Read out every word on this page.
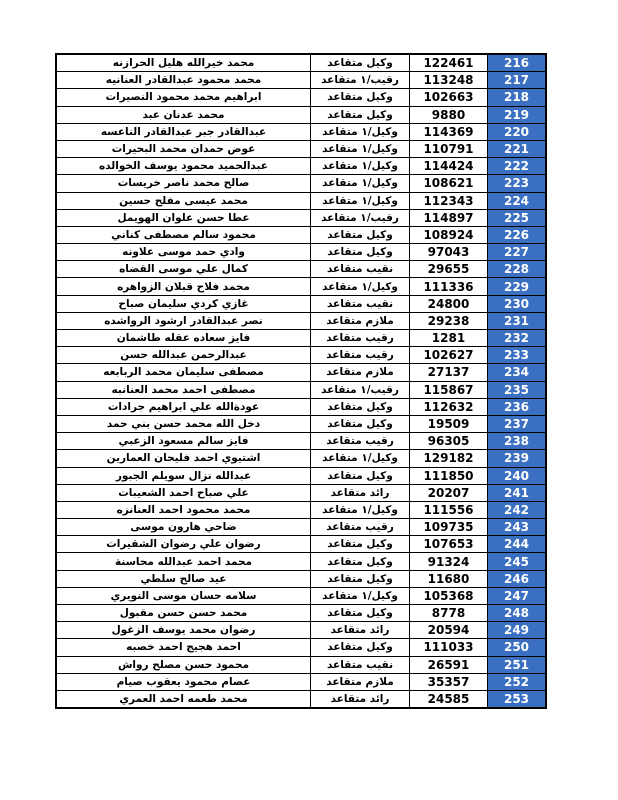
محمد خيرالله هليل الحرازنه	وكيل متقاعد	122461	216
محمد محمود عبدالقادر العنانيه	رقيب/١ متقاعد	113248	217
ابراهيم محمد محمود النصيرات	وكيل متقاعد	102663	218
محمد عدنان عبد	وكيل متقاعد	9880	219
عبدالقادر جبر عبدالقادر الناعسه	وكيل/١ متقاعد	114369	220
عوض حمدان محمد البحيرات	وكيل/١ متقاعد	110791	221
عبدالحميد محمود يوسف الخوالده	وكيل/١ متقاعد	114424	222
صالح محمد ناصر خريسات	وكيل/١ متقاعد	108621	223
محمد عيسى مفلح حسين	وكيل/١ متقاعد	112343	224
عطا حسن علوان الهويمل	رقيب/١ متقاعد	114897	225
محمود سالم مصطفى كناني	وكيل متقاعد	108924	226
وادي حمد موسى علاونه	وكيل متقاعد	97043	227
كمال علي موسى القضاه	نقيب متقاعد	29655	228
محمد فلاح قبلان الزواهره	وكيل/١ متقاعد	111336	229
غازي كردي سليمان صباح	نقيب متقاعد	24800	230
نصر عبدالقادر ارشود الرواشده	ملازم متقاعد	29238	231
فايز سعاده عقله طاشمان	رقيب متقاعد	1281	232
عبدالرحمن عبدالله حسن	رقيب متقاعد	102627	233
مصطفى سليمان محمد الربابعه	ملازم متقاعد	27137	234
مصطفى احمد محمد العنانبه	رقيب/١ متقاعد	115867	235
عودةالله علي ابراهيم جرادات	وكيل متقاعد	112632	236
دخل الله محمد حسن بني حمد	وكيل متقاعد	19509	237
فايز سالم مسعود الزعبي	رقيب متقاعد	96305	238
اشتيوي احمد فليحان العمارين	وكيل/١ متقاعد	129182	239
عبدالله نزال سويلم الجبور	وكيل متقاعد	111850	240
علي صباح احمد الشعيبات	رائد متقاعد	20207	241
محمد محمود احمد العنانزه	وكيل/١ متقاعد	111556	242
ضاحي هارون موسى	رقيب متقاعد	109735	243
رضوان علي رضوان الشقيرات	وكيل متقاعد	107653	244
محمد احمد عبدالله محاسنة	وكيل متقاعد	91324	245
عيد صالح سلطي	وكيل متقاعد	11680	246
سلامه حسان موسى النويري	وكيل/١ متقاعد	105368	247
محمد حسن حسن مقبول	وكيل متقاعد	8778	248
رضوان محمد يوسف الزغول	رائد متقاعد	20594	249
احمد هجيج احمد خصبه	وكيل متقاعد	111033	250
محمود حسن مصلح رواش	نقيب متقاعد	26591	251
عصام محمود يعقوب صيام	ملازم متقاعد	35357	252
محمد طعمه احمد العمري	رائد متقاعد	24585	253
